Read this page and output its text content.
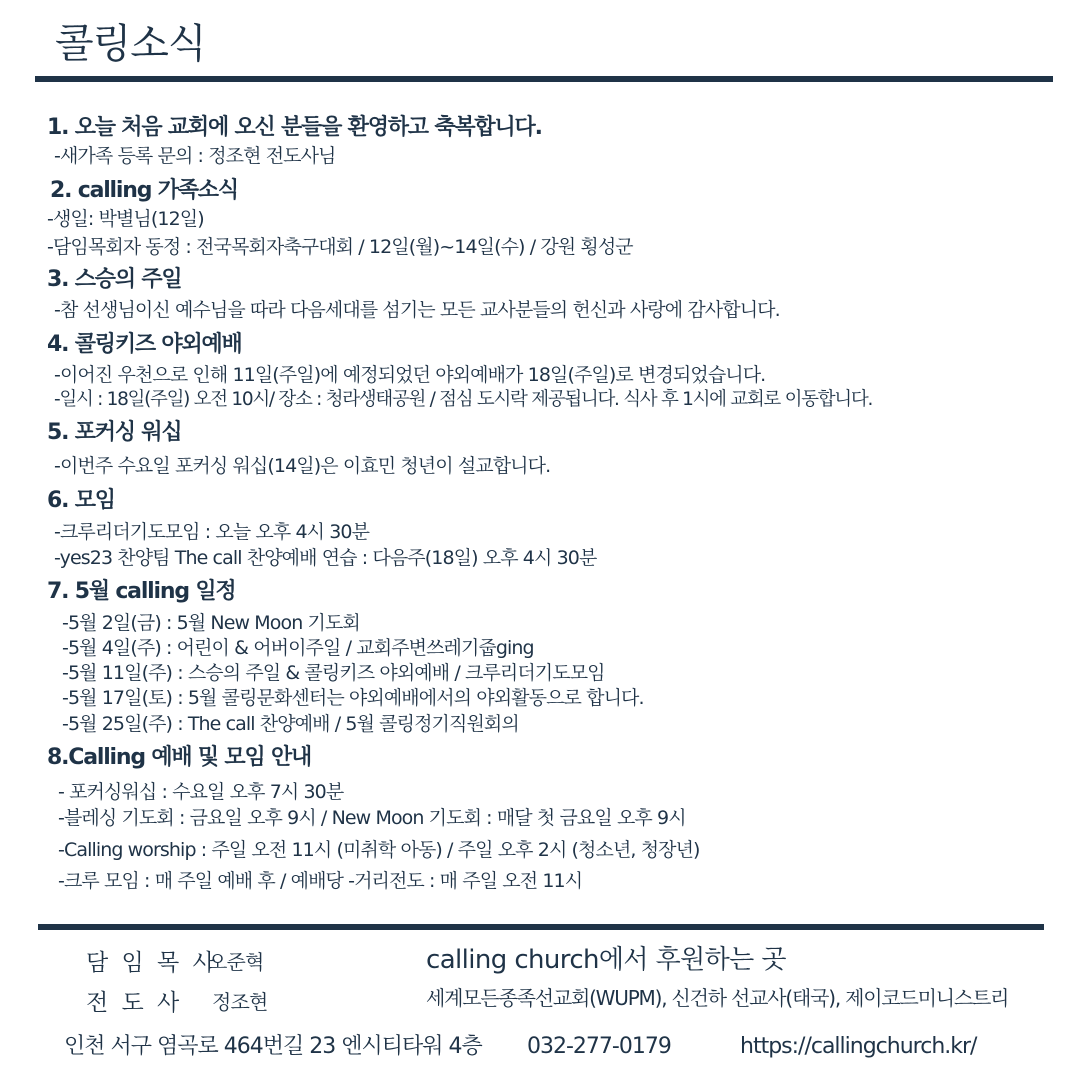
콜링소식
1. 오늘 처음 교회에 오신 분들을 환영하고 축복합니다.
-새가족 등록 문의 : 정조현 전도사님
2. calling 가족소식
-생일: 박별님(12일)
-담임목회자 동정 : 전국목회자축구대회 / 12일(월)~14일(수) / 강원 횡성군
3. 스승의 주일
-참 선생님이신 예수님을 따라 다음세대를 섬기는 모든 교사분들의 헌신과 사랑에 감사합니다.
4. 콜링키즈 야외예배
-이어진 우천으로 인해 11일(주일)에 예정되었던 야외예배가 18일(주일)로 변경되었습니다.
-일시 : 18일(주일) 오전 10시/ 장소 : 청라생태공원 / 점심 도시락 제공됩니다. 식사 후 1시에 교회로 이동합니다.
5. 포커싱 워십
-이번주 수요일 포커싱 워십(14일)은 이효민 청년이 설교합니다.
6. 모임
-크루리더기도모임 : 오늘 오후 4시 30분
-yes23 찬양팀 The call 찬양예배 연습 : 다음주(18일) 오후 4시 30분
7. 5월 calling 일정
-5월 2일(금) : 5월 New Moon 기도회
-5월 4일(주) : 어린이 & 어버이주일 / 교회주변쓰레기줍ging
-5월 11일(주) : 스승의 주일 & 콜링키즈 야외예배 / 크루리더기도모임
-5월 17일(토) : 5월 콜링문화센터는 야외예배에서의 야외활동으로 합니다.
-5월 25일(주) : The call 찬양예배 / 5월 콜링정기직원회의
8.Calling 예배 및 모임 안내
- 포커싱워십 : 수요일 오후 7시 30분
-블레싱 기도회 : 금요일 오후 9시 / New Moon 기도회 : 매달 첫 금요일 오후 9시
-Calling worship : 주일 오전 11시 (미취학 아동) / 주일 오후 2시 (청소년, 청장년)
-크루 모임 : 매 주일 예배 후 / 예배당 -거리전도 : 매 주일 오전 11시
담 임 목 사
오준혁
전 도 사 정조현
calling church에서 후원하는 곳
세계모든종족선교회(WUPM), 신건하 선교사(태국), 제이코드미니스트리
인천 서구 염곡로 464번길 23 엔시티타워 4층 032-277-0179	https://callingchurch.kr/
